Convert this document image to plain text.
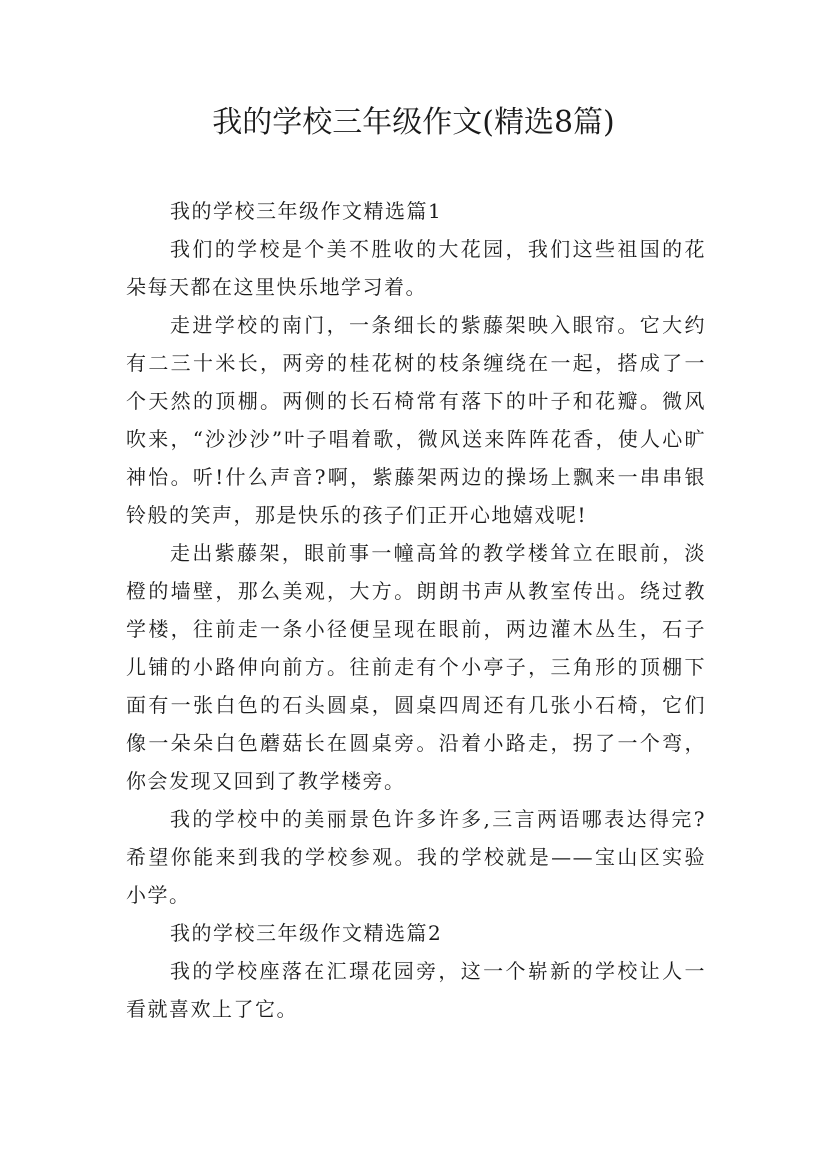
我的学校三年级作文(精选8篇)

我的学校三年级作文精选篇1

我们的学校是个美不胜收的大花园，我们这些祖国的花朵每天都在这里快乐地学习着。

走进学校的南门，一条细长的紫藤架映入眼帘。它大约有二三十米长，两旁的桂花树的枝条缠绕在一起，搭成了一个天然的顶棚。两侧的长石椅常有落下的叶子和花瓣。微风吹来，“沙沙沙”叶子唱着歌，微风送来阵阵花香，使人心旷神怡。听!什么声音?啊，紫藤架两边的操场上飘来一串串银铃般的笑声，那是快乐的孩子们正开心地嬉戏呢!

走出紫藤架，眼前事一幢高耸的教学楼耸立在眼前，淡橙的墙壁，那么美观，大方。朗朗书声从教室传出。绕过教学楼，往前走一条小径便呈现在眼前，两边灌木丛生，石子儿铺的小路伸向前方。往前走有个小亭子，三角形的顶棚下面有一张白色的石头圆桌，圆桌四周还有几张小石椅，它们像一朵朵白色蘑菇长在圆桌旁。沿着小路走，拐了一个弯，你会发现又回到了教学楼旁。

我的学校中的美丽景色许多许多,三言两语哪表达得完?希望你能来到我的学校参观。我的学校就是——宝山区实验小学。

我的学校三年级作文精选篇2

我的学校座落在汇璟花园旁，这一个崭新的学校让人一看就喜欢上了它。
